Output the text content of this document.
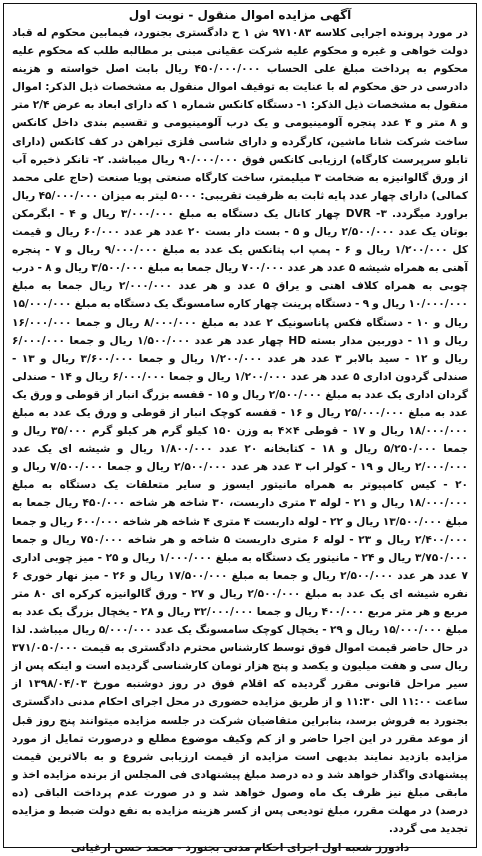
آگهی مزایده اموال منقول - نوبت اول

در مورد پرونده اجرایی کلاسه ۹۷۱۰۸۳ ش ۱ ح دادگستری بجنورد، فیمابین محکوم له قباد دولت خواهی و غیره و محکوم علیه شرکت عقیانی مبنی بر مطالبه طلب که محکوم علیه محکوم به پرداخت مبلغ علی الحساب ۴۵۰/۰۰۰/۰۰۰ ریال بابت اصل خواسته و هزینه دادرسی در حق محکوم له با عنایت به توقیف اموال منقول به مشخصات ذیل الذکر: اموال منقول به مشخصات ذیل الذکر: ۱- دستگاه کانکس شماره ۱ که دارای ابعاد به عرض ۲/۴ متر و ۸ متر و ۴ عدد پنجره آلومینیومی و یک درب آلومینیومی و تقسیم بندی داخل کانکس ساخت شرکت شانا ماشین، کارگرده و دارای شاسی فلزی تیراهن در کف کانکس (دارای تابلو سرپرست کارگاه) ارزیابی کانکس فوق ۹۰/۰۰۰/۰۰۰ ریال میباشد. ۲- تانکر ذخیره آب از ورق گالوانیزه به ضخامت ۳ میلیمتر، ساخت کارگاه صنعتی پویا صنعت (حاج علی محمد کمالی) دارای چهار عدد پایه ثابت به ظرفیت تقریبی: ۵۰۰۰ لیتر به میزان ۴۵/۰۰۰/۰۰۰ ریال براورد میگردد. ۳- DVR چهار کانال یک دستگاه به مبلغ ۳/۰۰۰/۰۰۰ ریال و ۴ - ابگرمکن بوتان یک عدد ۲/۵۰۰/۰۰۰ ریال و ۵ - بست دار بست ۲۰ عدد هر عدد ۶۰/۰۰۰ ریال و قیمت کل ۱/۲۰۰/۰۰۰ ریال و ۶ - پمپ اب پتانکس یک عدد به مبلغ ۹/۰۰۰/۰۰۰ ریال و ۷ - پنجره آهنی به همراه شیشه ۵ عدد هر عدد ۷۰۰/۰۰۰ ریال جمعا به مبلغ ۳/۵۰۰/۰۰۰ ریال و ۸ - درب چوبی به همراه کلاف اهنی و یراق ۵ عدد و هر عدد ۲/۰۰۰/۰۰۰ ریال جمعا به مبلغ ۱۰/۰۰۰/۰۰۰ ریال و ۹ - دستگاه پرینت چهار کاره سامسونگ یک دستگاه به مبلغ ۱۵/۰۰۰/۰۰۰ ریال و ۱۰ - دستگاه فکس پاناسونیک ۲ عدد به مبلغ ۸/۰۰۰/۰۰۰ ریال و جمعا ۱۶/۰۰۰/۰۰۰ ریال و ۱۱ - دوربین مدار بسته HD چهار عدد هر عدد ۱/۵۰۰/۰۰۰ ریال و جمعا ۶/۰۰۰/۰۰۰ ریال و ۱۲ - سید بالابر ۳ عدد هر عدد ۱/۲۰۰/۰۰۰ ریال و جمعا ۳/۶۰۰/۰۰۰ ریال و ۱۳ - صندلی گردون اداری ۵ عدد هر عدد ۱/۲۰۰/۰۰۰ ریال و جمعا ۶/۰۰۰/۰۰۰ ریال و ۱۴ - صندلی گردان اداری یک عدد به مبلغ ۲/۵۰۰/۰۰۰ ریال و ۱۵ - قفسه بزرگ انبار از قوطی و ورق یک عدد به مبلغ ۲۵/۰۰۰/۰۰۰ ریال و ۱۶ - قفسه کوچک انبار از قوطی و ورق یک عدد به مبلغ ۱۸/۰۰۰/۰۰۰ ریال و ۱۷ - قوطی ۴×۴ به وزن ۱۵۰ کیلو گرم هر کیلو گرم ۳۵/۰۰۰ ریال و جمعا ۵/۲۵۰/۰۰۰ ریال و ۱۸ - کتابخانه ۲۰ عدد ۱/۸۰۰/۰۰۰ ریال و شیشه ای یک عدد ۲/۰۰۰/۰۰۰ ریال و ۱۹ - کولر اب ۳ عدد هر عدد ۲/۵۰۰/۰۰۰ ریال و جمعا ۷/۵۰۰/۰۰۰ ریال و ۲۰ - کیس کامپیوتر به همراه مانیتور ایسوز و سایر متعلقات یک دستگاه به مبلغ ۱۸/۰۰۰/۰۰۰ ریال و ۲۱ - لوله ۳ متری داربست، ۳۰ شاخه هر شاخه ۴۵۰/۰۰۰ ریال جمعا به مبلغ ۱۳/۵۰۰/۰۰۰ ریال و ۲۲ - لوله داربست ۴ متری ۴ شاخه هر شاخه ۶۰۰/۰۰۰ ریال و جمعا ۲/۴۰۰/۰۰۰ ریال و ۲۳ - لوله ۶ متری داربست ۵ شاخه و هر شاخه ۷۵۰/۰۰۰ ریال و جمعا ۳/۷۵۰/۰۰۰ ریال و ۲۴ - مانیتور یک دستگاه به مبلغ ۱/۰۰۰/۰۰۰ ریال و ۲۵ - میز چوبی اداری ۷ عدد هر عدد ۲/۵۰۰/۰۰۰ ریال و جمعا به مبلغ ۱۷/۵۰۰/۰۰۰ ریال و ۲۶ - میز نهار خوری ۶ نفره شیشه ای یک عدد به مبلغ ۲/۵۰۰/۰۰۰ ریال و ۲۷ - ورق گالوانیزه کرکره ای ۸۰ متر مربع و هر متر مربع ۴۰۰/۰۰۰ ریال و جمعا ۳۲/۰۰۰/۰۰۰ ریال و ۲۸ - یخچال بزرگ یک عدد به مبلغ ۱۵/۰۰۰/۰۰۰ ریال و ۲۹ - یخچال کوچک سامسونگ یک عدد ۵/۰۰۰/۰۰۰ ریال میباشد. لذا در حال حاضر قیمت اموال فوق توسط کارشناس محترم دادگستری به قیمت ۳۷۱/۰۵۰/۰۰۰ ریال سی و هفت میلیون و یکصد و پنج هزار تومان کارشناسی گردیده است و اینکه پس از سیر مراحل قانونی مقرر گردیده که اقلام فوق در روز دوشنبه مورخ ۱۳۹۸/۰۴/۰۳ از ساعت ۱۱:۰۰ الی ۱۱:۳۰ و از طریق مزایده حضوری در محل اجرای احکام مدنی دادگستری بجنورد به فروش برسد، بنابراین متقاضیان شرکت در جلسه مزایده میتوانند پنج روز قبل از موعد مقرر در این اجرا حاضر و از کم وکیف موضوع مطلع و درصورت تمایل از مورد مزایده بازدید نمایند بدیهی است مزایده از قیمت ارزیابی شروع و به بالاترین قیمت پیشنهادی واگذار خواهد شد و ده درصد مبلغ پیشنهادی فی المجلس از برنده مزایده اخذ و مابقی مبلغ نیز ظرف یک ماه وصول خواهد شد و در صورت عدم پرداخت الباقی (ده درصد) در مهلت مقرر، مبلغ تودیعی پس از کسر هزینه مزایده به نفع دولت ضبط و مزایده تجدید می گردد.

دادورز شعبه اول اجرای احکام مدنی بجنورد - محمد حسن ارغیانی
